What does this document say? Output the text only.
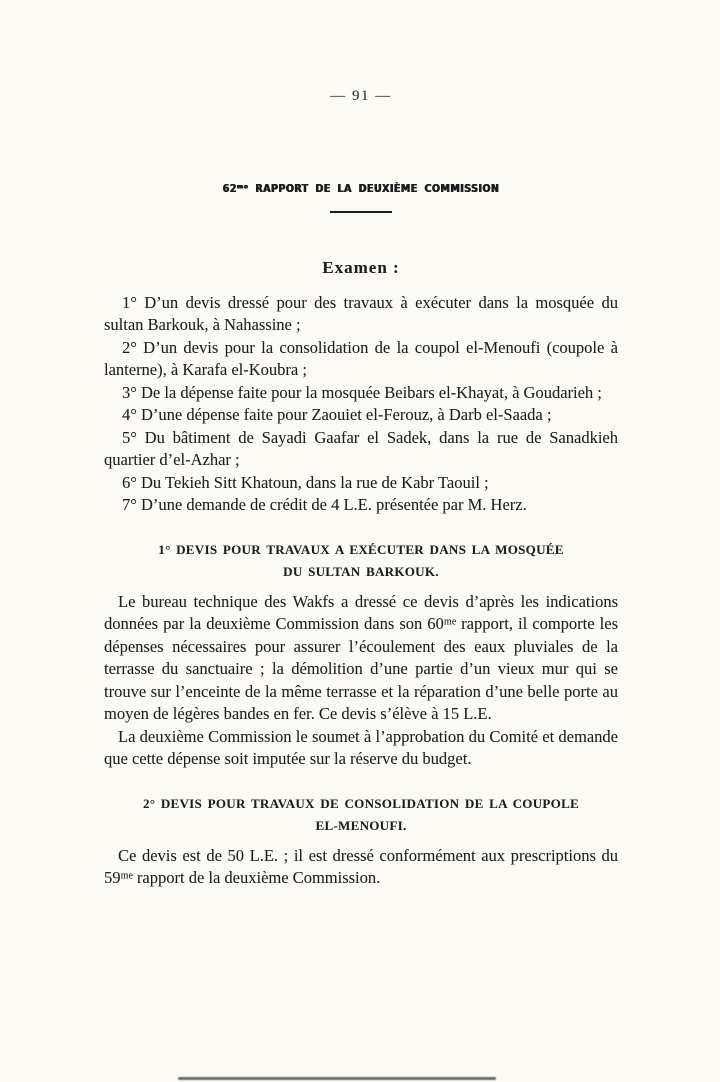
— 91 —
62ᵐᵉ RAPPORT DE LA DEUXIÈME COMMISSION
Examen :

1° D’un devis dressé pour des travaux à exécuter dans la mosquée du sultan Barkouk, à Nahassine ;

2° D’un devis pour la consolidation de la coupol el-Menoufi (coupole à lanterne), à Karafa el-Koubra ;

3° De la dépense faite pour la mosquée Beibars el-Khayat, à Goudarieh ;

4° D’une dépense faite pour Zaouiet el-Ferouz, à Darb el-Saada ;

5° Du bâtiment de Sayadi Gaafar el Sadek, dans la rue de Sanadkieh quartier d’el-Azhar ;

6° Du Tekieh Sitt Khatoun, dans la rue de Kabr Taouil ;

7° D’une demande de crédit de 4 L.E. présentée par M. Herz.

1° DEVIS POUR TRAVAUX A EXÉCUTER DANS LA MOSQUÉE
DU SULTAN BARKOUK.

Le bureau technique des Wakfs a dressé ce devis d’après les indications données par la deuxième Commission dans son 60ᵐᵉ rapport, il comporte les dépenses nécessaires pour assurer l’écoulement des eaux pluviales de la terrasse du sanctuaire ; la démolition d’une partie d’un vieux mur qui se trouve sur l’enceinte de la même terrasse et la réparation d’une belle porte au moyen de légères bandes en fer. Ce devis s’élève à 15 L.E.

La deuxième Commission le soumet à l’approbation du Comité et demande que cette dépense soit imputée sur la réserve du budget.

2° DEVIS POUR TRAVAUX DE CONSOLIDATION DE LA COUPOLE
EL-MENOUFI.

Ce devis est de 50 L.E. ; il est dressé conformément aux prescriptions du 59ᵐᵉ rapport de la deuxième Commission.
